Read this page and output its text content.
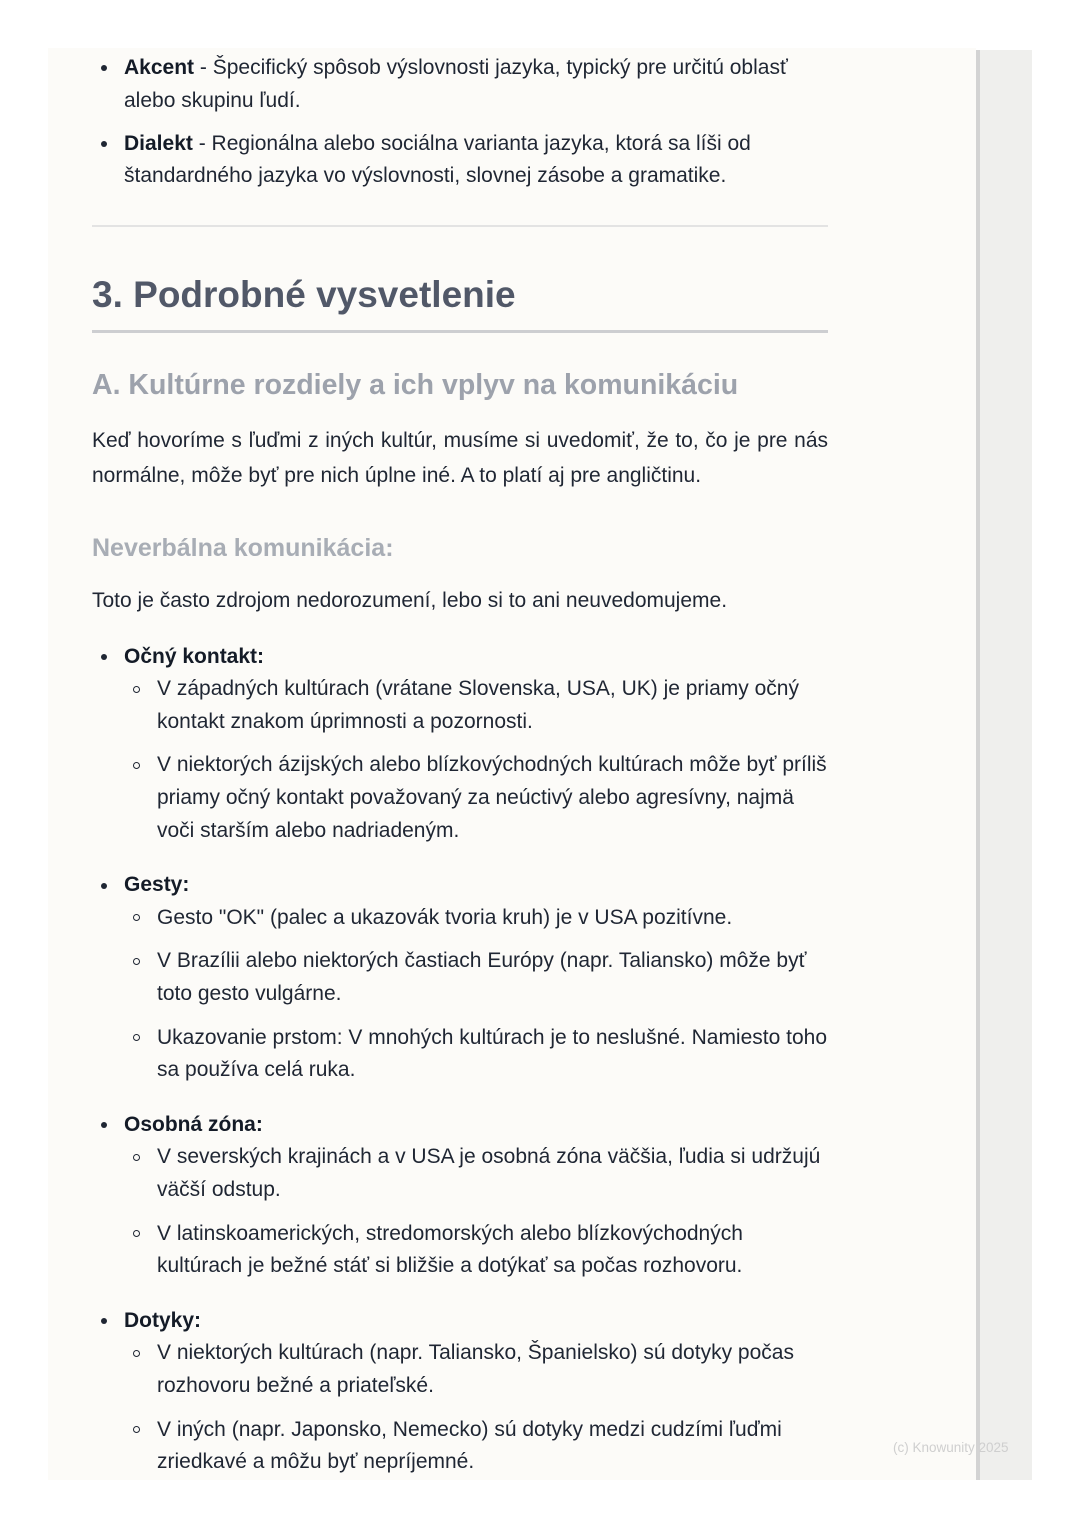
Akcent - Špecifický spôsob výslovnosti jazyka, typický pre určitú oblasť alebo skupinu ľudí.
Dialekt - Regionálna alebo sociálna varianta jazyka, ktorá sa líši od štandardného jazyka vo výslovnosti, slovnej zásobe a gramatike.
3. Podrobné vysvetlenie
A. Kultúrne rozdiely a ich vplyv na komunikáciu

Keď hovoríme s ľuďmi z iných kultúr, musíme si uvedomiť, že to, čo je pre nás normálne, môže byť pre nich úplne iné. A to platí aj pre angličtinu.

Neverbálna komunikácia:

Toto je často zdrojom nedorozumení, lebo si to ani neuvedomujeme.

Očný kontakt:
V západných kultúrach (vrátane Slovenska, USA, UK) je priamy očný kontakt znakom úprimnosti a pozornosti.
V niektorých ázijských alebo blízkovýchodných kultúrach môže byť príliš priamy očný kontakt považovaný za neúctivý alebo agresívny, najmä voči starším alebo nadriadeným.
Gesty:
Gesto "OK" (palec a ukazovák tvoria kruh) je v USA pozitívne.
V Brazílii alebo niektorých častiach Európy (napr. Taliansko) môže byť toto gesto vulgárne.
Ukazovanie prstom: V mnohých kultúrach je to neslušné. Namiesto toho sa používa celá ruka.
Osobná zóna:
V severských krajinách a v USA je osobná zóna väčšia, ľudia si udržujú väčší odstup.
V latinskoamerických, stredomorských alebo blízkovýchodných kultúrach je bežné stáť si bližšie a dotýkať sa počas rozhovoru.
Dotyky:
V niektorých kultúrach (napr. Taliansko, Španielsko) sú dotyky počas rozhovoru bežné a priateľské.
V iných (napr. Japonsko, Nemecko) sú dotyky medzi cudzími ľuďmi zriedkavé a môžu byť nepríjemné.
(c) Knowunity 2025
